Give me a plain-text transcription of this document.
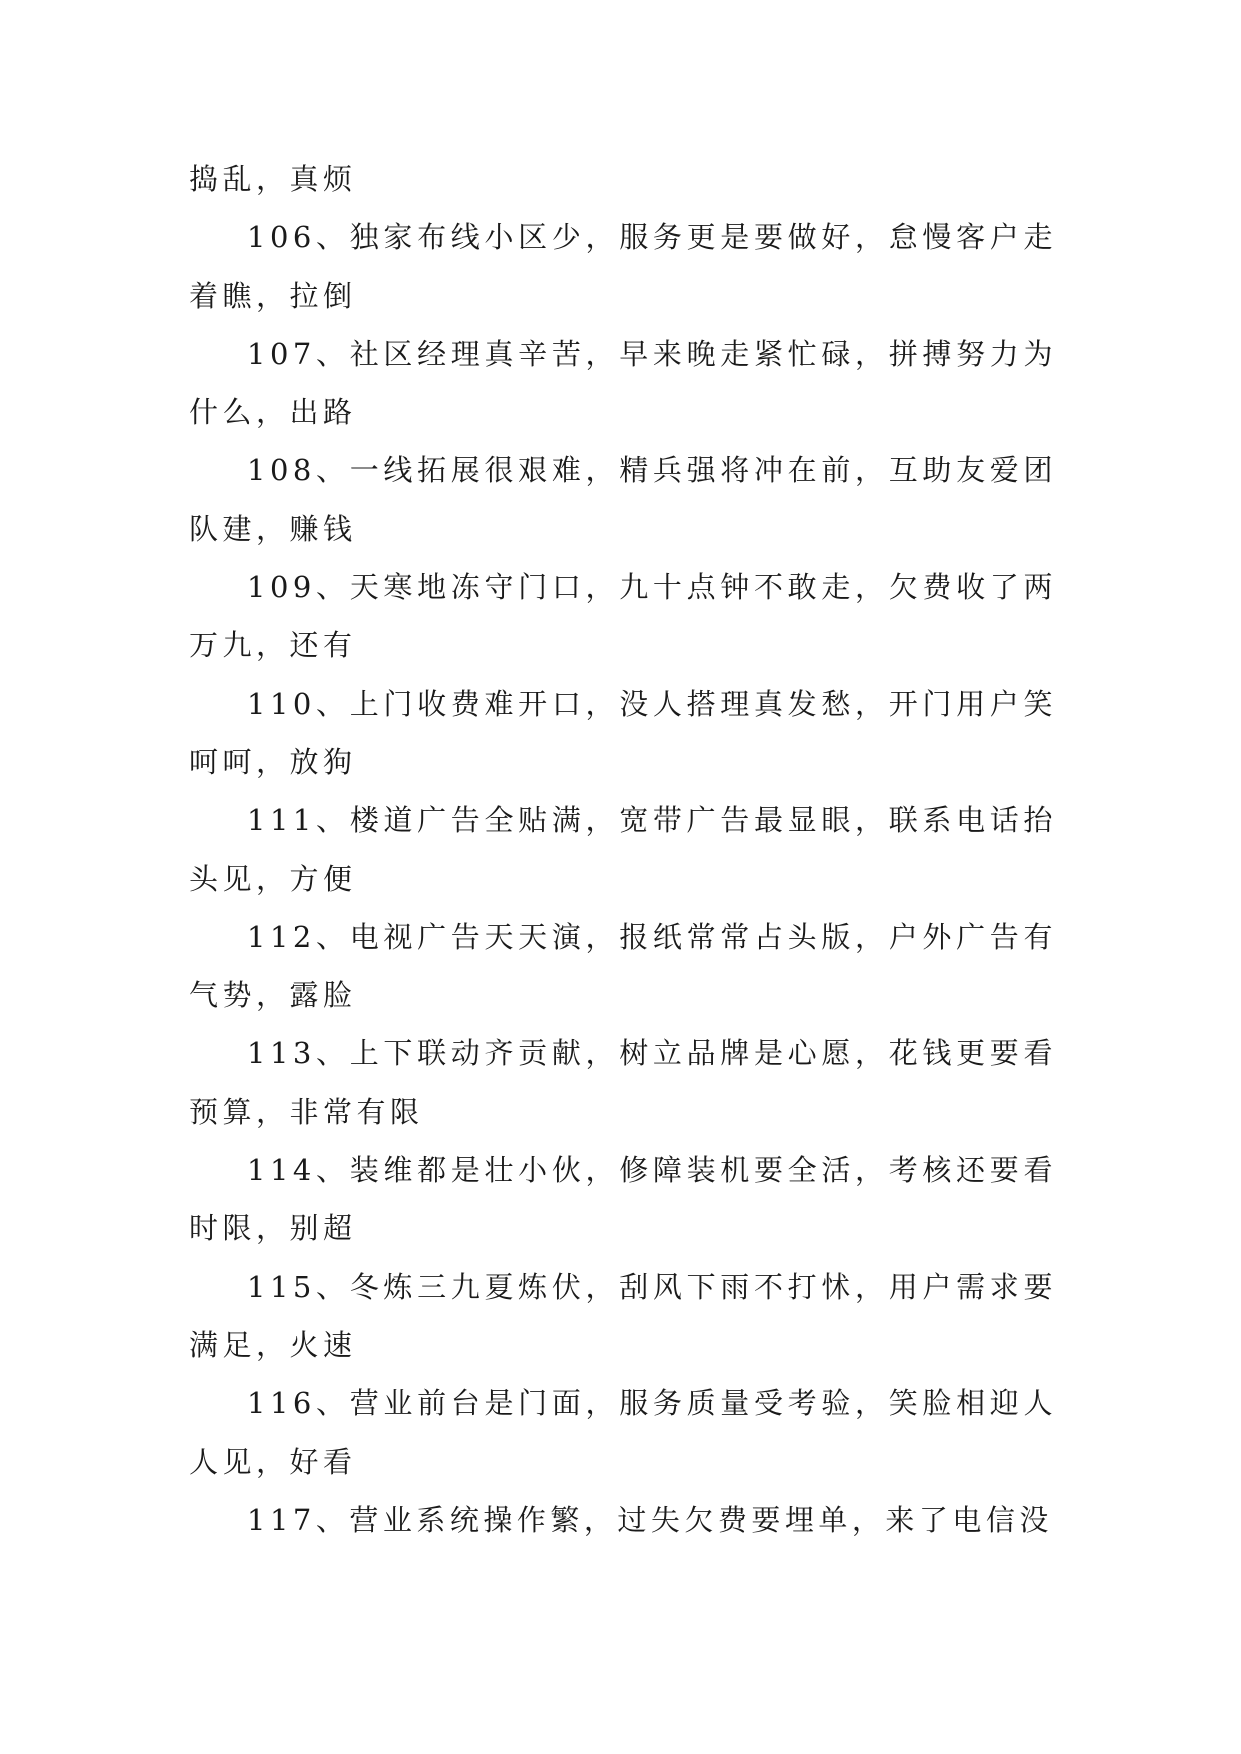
捣乱，真烦

106、独家布线小区少，服务更是要做好，怠慢客户走着瞧，拉倒

107、社区经理真辛苦，早来晚走紧忙碌，拼搏努力为什么，出路

108、一线拓展很艰难，精兵强将冲在前，互助友爱团队建，赚钱

109、天寒地冻守门口，九十点钟不敢走，欠费收了两万九，还有

110、上门收费难开口，没人搭理真发愁，开门用户笑呵呵，放狗

111、楼道广告全贴满，宽带广告最显眼，联系电话抬头见，方便

112、电视广告天天演，报纸常常占头版，户外广告有气势，露脸

113、上下联动齐贡献，树立品牌是心愿，花钱更要看预算，非常有限

114、装维都是壮小伙，修障装机要全活，考核还要看时限，别超

115、冬炼三九夏炼伏，刮风下雨不打怵，用户需求要满足，火速

116、营业前台是门面，服务质量受考验，笑脸相迎人人见，好看

117、营业系统操作繁，过失欠费要埋单，来了电信没
